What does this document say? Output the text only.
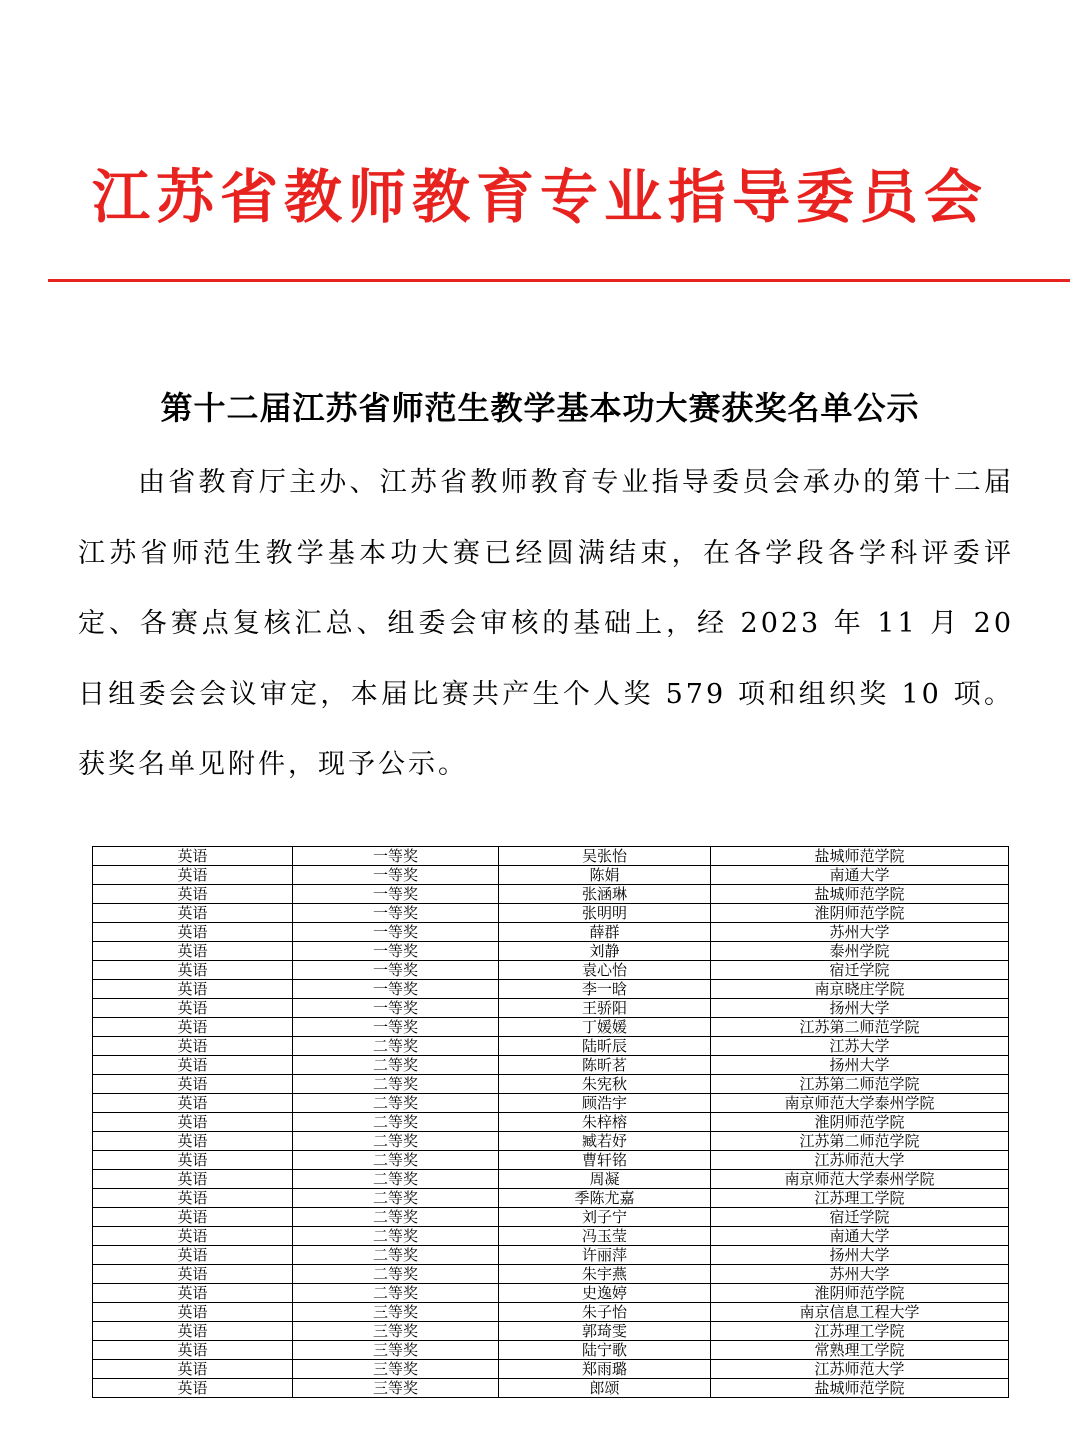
江苏省教师教育专业指导委员会
第十二届江苏省师范生教学基本功大赛获奖名单公示

由省教育厅主办、江苏省教师教育专业指导委员会承办的第十二届江苏省师范生教学基本功大赛已经圆满结束，在各学段各学科评委评定、各赛点复核汇总、组委会审核的基础上，经 2023 年 11 月 20 日组委会会议审定，本届比赛共产生个人奖 579 项和组织奖 10 项。获奖名单见附件，现予公示。

英语	一等奖	吴张怡	盐城师范学院
英语	一等奖	陈娟	南通大学
英语	一等奖	张涵琳	盐城师范学院
英语	一等奖	张明明	淮阴师范学院
英语	一等奖	薛群	苏州大学
英语	一等奖	刘静	泰州学院
英语	一等奖	袁心怡	宿迁学院
英语	一等奖	李一晗	南京晓庄学院
英语	一等奖	王骄阳	扬州大学
英语	一等奖	丁媛媛	江苏第二师范学院
英语	二等奖	陆昕辰	江苏大学
英语	二等奖	陈昕茗	扬州大学
英语	二等奖	朱宪秋	江苏第二师范学院
英语	二等奖	顾浩宇	南京师范大学泰州学院
英语	二等奖	朱梓榕	淮阴师范学院
英语	二等奖	臧若妤	江苏第二师范学院
英语	二等奖	曹轩铭	江苏师范大学
英语	二等奖	周凝	南京师范大学泰州学院
英语	二等奖	季陈尤嘉	江苏理工学院
英语	二等奖	刘子宁	宿迁学院
英语	二等奖	冯玉莹	南通大学
英语	二等奖	许丽萍	扬州大学
英语	二等奖	朱宇燕	苏州大学
英语	二等奖	史逸婷	淮阴师范学院
英语	三等奖	朱子怡	南京信息工程大学
英语	三等奖	郭琦雯	江苏理工学院
英语	三等奖	陆宁歌	常熟理工学院
英语	三等奖	郑雨璐	江苏师范大学
英语	三等奖	郎颂	盐城师范学院
